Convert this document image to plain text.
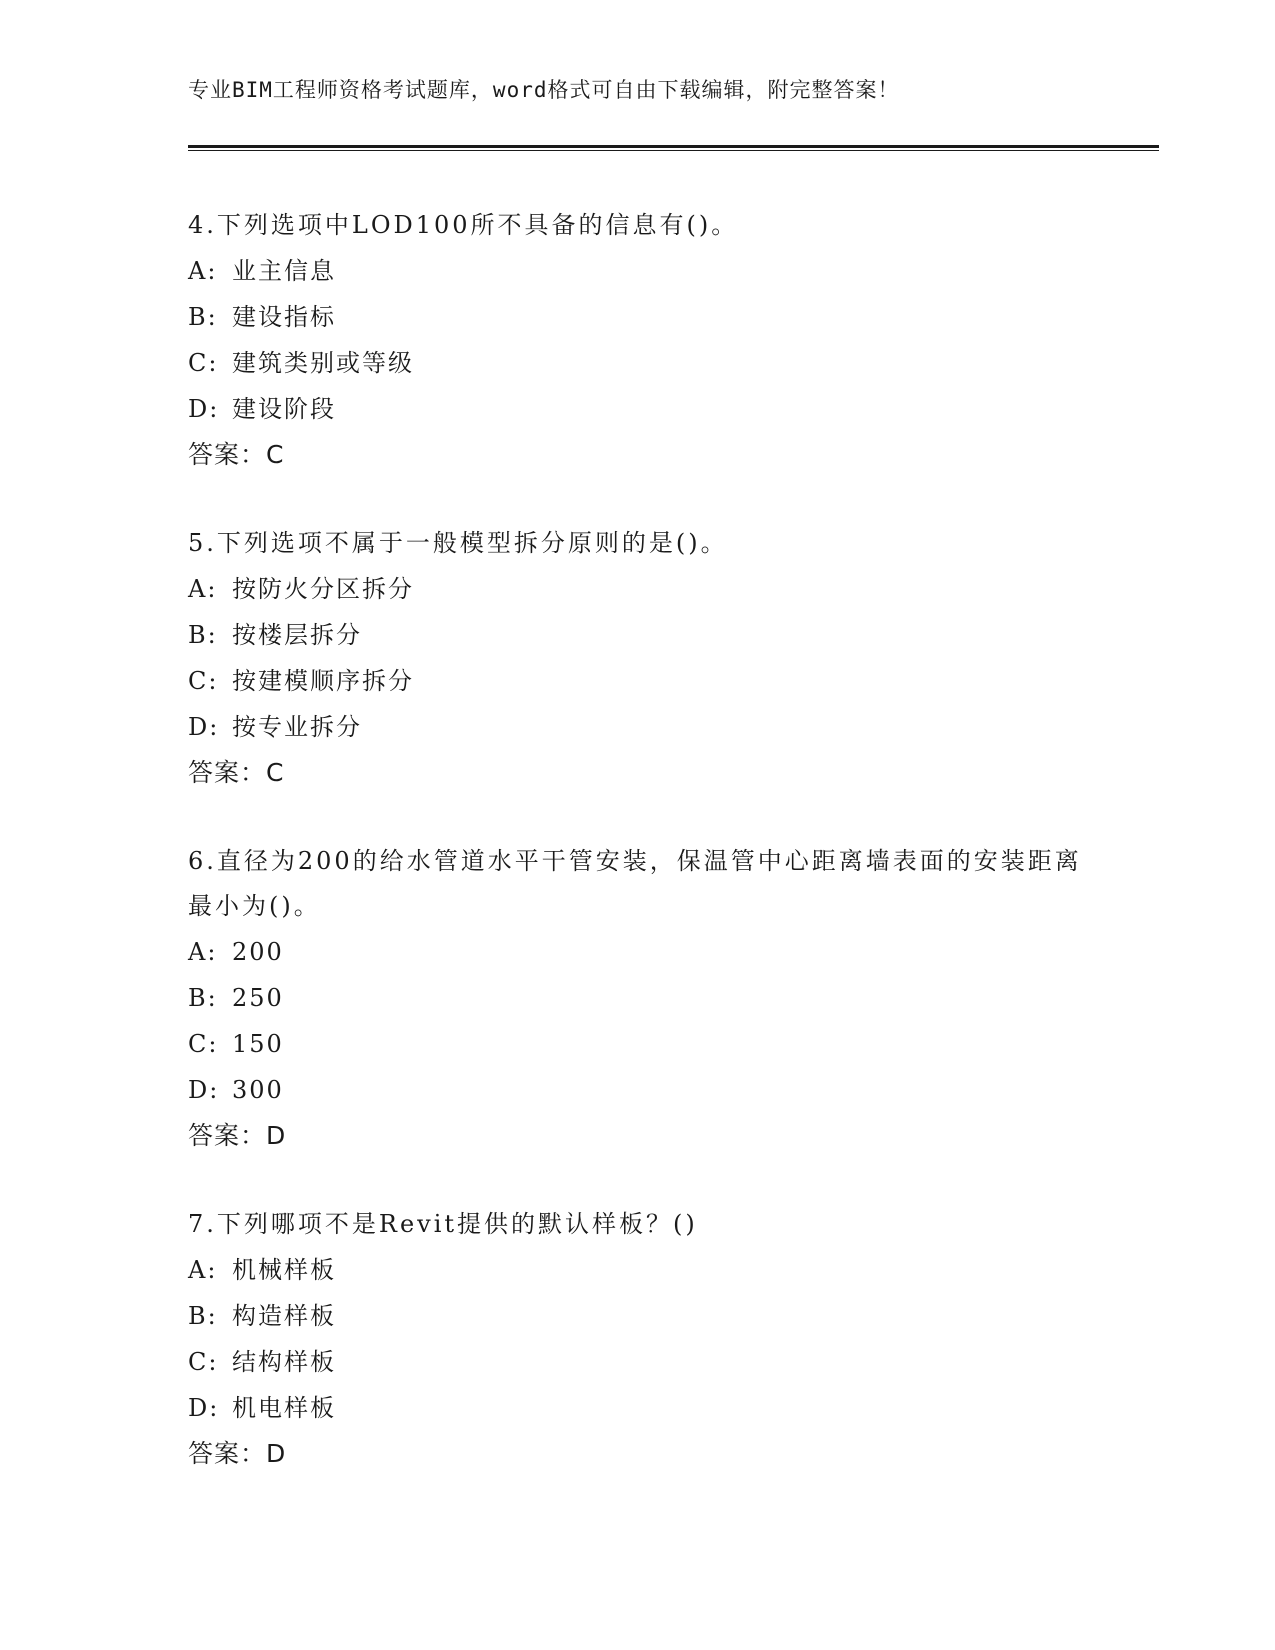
专业BIM工程师资格考试题库，word格式可自由下载编辑，附完整答案！
4.下列选项中LOD100所不具备的信息有()。
A: 业主信息
B: 建设指标
C: 建筑类别或等级
D: 建设阶段
答案：C
5.下列选项不属于一般模型拆分原则的是()。
A: 按防火分区拆分
B: 按楼层拆分
C: 按建模顺序拆分
D: 按专业拆分
答案：C
6.直径为200的给水管道水平干管安装，保温管中心距离墙表面的安装距离最小为()。
A: 200
B: 250
C: 150
D: 300
答案：D
7.下列哪项不是Revit提供的默认样板？()
A: 机械样板
B: 构造样板
C: 结构样板
D: 机电样板
答案：D
